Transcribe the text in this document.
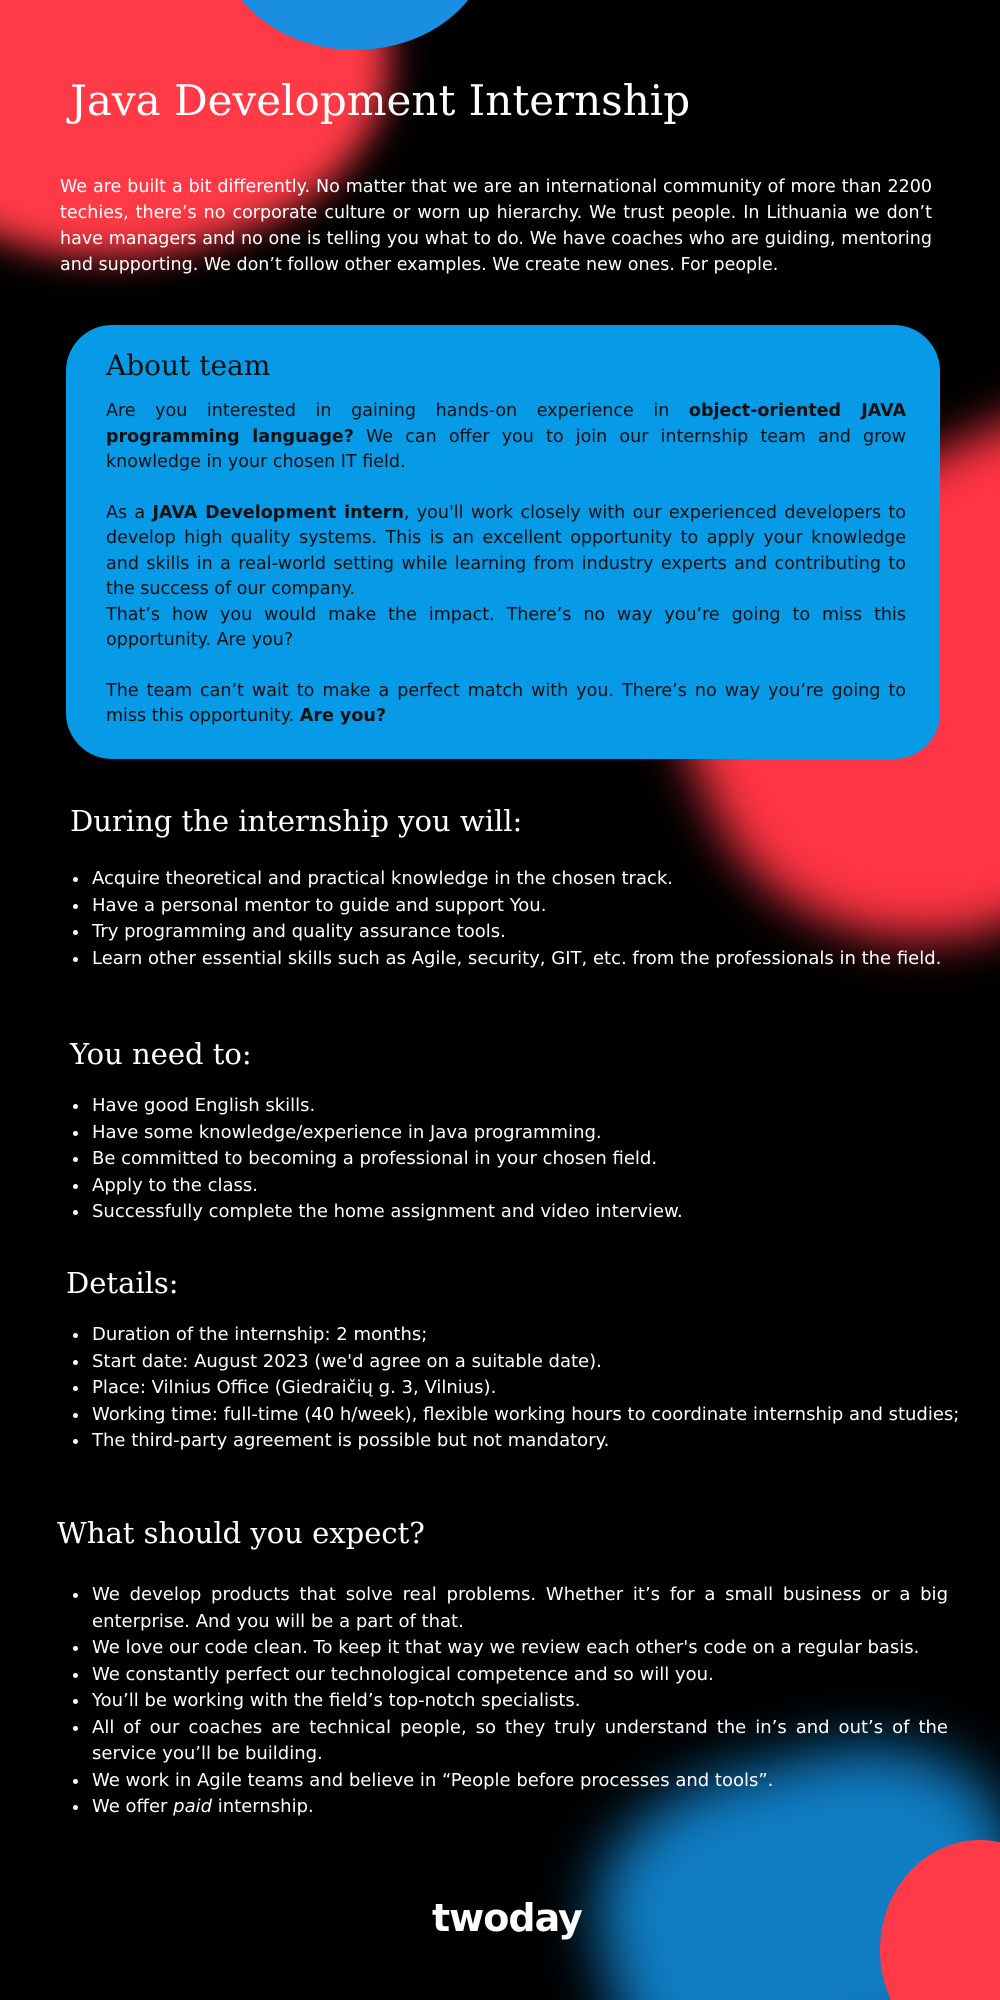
Java Development Internship

We are built a bit differently. No matter that we are an international community of more than 2200 techies, there’s no corporate culture or worn up hierarchy. We trust people. In Lithuania we don’t have managers and no one is telling you what to do. We have coaches who are guiding, mentoring and supporting. We don’t follow other examples. We create new ones. For people.

About team

Are you interested in gaining hands-on experience in object-oriented JAVA programming language? We can offer you to join our internship team and grow knowledge in your chosen IT field.

As a JAVA Development intern, you'll work closely with our experienced developers to develop high quality systems. This is an excellent opportunity to apply your knowledge and skills in a real-world setting while learning from industry experts and contributing to the success of our company.

That’s how you would make the impact. There’s no way you’re going to miss this opportunity. Are you?

The team can’t wait to make a perfect match with you. There’s no way you’re going to miss this opportunity. Are you?

During the internship you will:
• Acquire theoretical and practical knowledge in the chosen track.
• Have a personal mentor to guide and support You.
• Try programming and quality assurance tools.
• Learn other essential skills such as Agile, security, GIT, etc. from the professionals in the field.
You need to:
• Have good English skills.
• Have some knowledge/experience in Java programming.
• Be committed to becoming a professional in your chosen field.
• Apply to the class.
• Successfully complete the home assignment and video interview.
Details:
• Duration of the internship: 2 months;
• Start date: August 2023 (we'd agree on a suitable date).
• Place: Vilnius Office (Giedraičių g. 3, Vilnius).
• Working time: full-time (40 h/week), flexible working hours to coordinate internship and studies;
• The third-party agreement is possible but not mandatory.
What should you expect?
• We develop products that solve real problems. Whether it’s for a small business or a big enterprise. And you will be a part of that.
• We love our code clean. To keep it that way we review each other's code on a regular basis.
• We constantly perfect our technological competence and so will you.
• You’ll be working with the field’s top-notch specialists.
• All of our coaches are technical people, so they truly understand the in’s and out’s of the service you’ll be building.
• We work in Agile teams and believe in “People before processes and tools”.
• We offer paid internship.
twoday
